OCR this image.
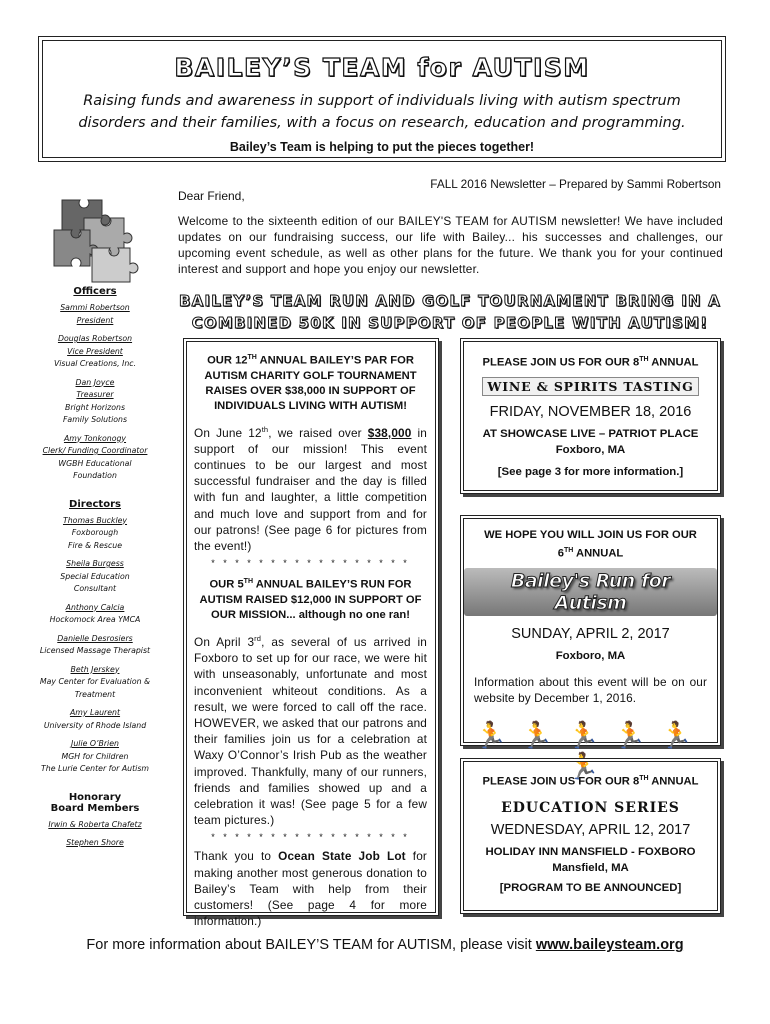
BAILEY’S TEAM for AUTISM
Raising funds and awareness in support of individuals living with autism spectrum disorders and their families, with a focus on research, education and programming.
Bailey’s Team is helping to put the pieces together!
FALL 2016 Newsletter – Prepared by Sammi Robertson
Dear Friend,
Welcome to the sixteenth edition of our BAILEY'S TEAM for AUTISM newsletter! We have included updates on our fundraising success, our life with Bailey... his successes and challenges, our upcoming event schedule, as well as other plans for the future. We thank you for your continued interest and support and hope you enjoy our newsletter.
Officers
Sammi Robertson
President
Douglas Robertson
Vice President
Visual Creations, Inc.
Dan Joyce
Treasurer
Bright Horizons
Family Solutions
Amy Tonkonogy
Clerk/ Funding Coordinator
WGBH Educational
Foundation
Directors
Thomas Buckley
Foxborough
Fire & Rescue
Sheila Burgess
Special Education
Consultant
Anthony Calcia
Hockomock Area YMCA
Danielle Desrosiers
Licensed Massage Therapist
Beth Jerskey
May Center for Evaluation &
Treatment
Amy Laurent
University of Rhode Island
Julie O’Brien
MGH for Children
The Lurie Center for Autism
Honorary
Board Members
Irwin & Roberta Chafetz
Stephen Shore
BAILEY’S TEAM RUN AND GOLF TOURNAMENT BRING IN A
COMBINED 50K IN SUPPORT OF PEOPLE WITH AUTISM!
OUR 12TH ANNUAL BAILEY’S PAR FOR AUTISM CHARITY GOLF TOURNAMENT RAISES OVER $38,000 IN SUPPORT OF INDIVIDUALS LIVING WITH AUTISM!
On June 12th, we raised over $38,000 in support of our mission! This event continues to be our largest and most successful fundraiser and the day is filled with fun and laughter, a little competition and much love and support from and for our patrons! (See page 6 for pictures from the event!)
* * * * * * * * * * * * * * * * *
OUR 5TH ANNUAL BAILEY’S RUN FOR AUTISM RAISED $12,000 IN SUPPORT OF OUR MISSION... although no one ran!
On April 3rd, as several of us arrived in Foxboro to set up for our race, we were hit with unseasonably, unfortunate and most inconvenient whiteout conditions. As a result, we were forced to call off the race. HOWEVER, we asked that our patrons and their families join us for a celebration at Waxy O’Connor’s Irish Pub as the weather improved. Thankfully, many of our runners, friends and families showed up and a celebration it was! (See page 5 for a few team pictures.)
* * * * * * * * * * * * * * * * *
Thank you to Ocean State Job Lot for making another most generous donation to Bailey’s Team with help from their customers! (See page 4 for more information.)
PLEASE JOIN US FOR OUR 8TH ANNUAL
WINE & SPIRITS TASTING
FRIDAY, NOVEMBER 18, 2016
AT SHOWCASE LIVE – PATRIOT PLACE
Foxboro, MA
[See page 3 for more information.]
WE HOPE YOU WILL JOIN US FOR OUR 6TH ANNUAL
Bailey's Run for Autism
SUNDAY, APRIL 2, 2017
Foxboro, MA
Information about this event will be on our website by December 1, 2016.
🏃🏃🏃🏃🏃🏃
PLEASE JOIN US FOR OUR 8TH ANNUAL
EDUCATION SERIES
WEDNESDAY, APRIL 12, 2017
HOLIDAY INN MANSFIELD - FOXBORO
Mansfield, MA
[PROGRAM TO BE ANNOUNCED]
For more information about BAILEY’S TEAM for AUTISM, please visit www.baileysteam.org
